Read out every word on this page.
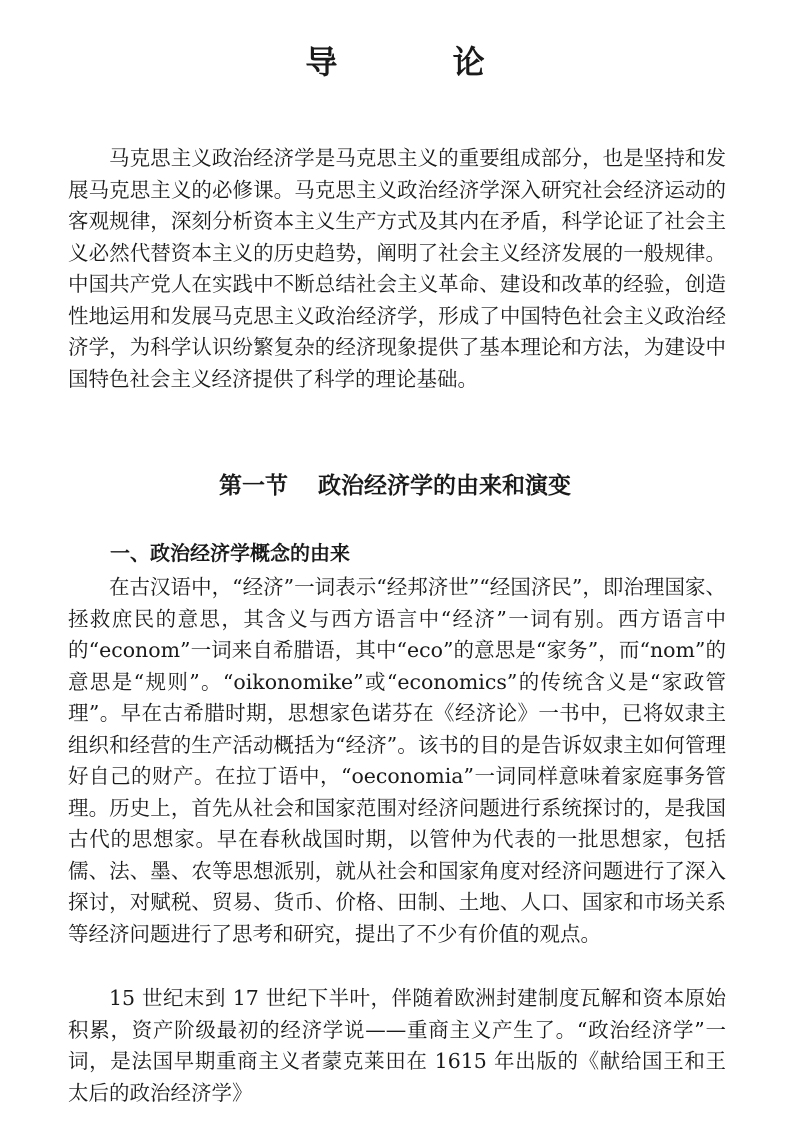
导 论

马克思主义政治经济学是马克思主义的重要组成部分，也是坚持和发展马克思主义的必修课。马克思主义政治经济学深入研究社会经济运动的客观规律，深刻分析资本主义生产方式及其内在矛盾，科学论证了社会主义必然代替资本主义的历史趋势，阐明了社会主义经济发展的一般规律。中国共产党人在实践中不断总结社会主义革命、建设和改革的经验，创造性地运用和发展马克思主义政治经济学，形成了中国特色社会主义政治经济学，为科学认识纷繁复杂的经济现象提供了基本理论和方法，为建设中国特色社会主义经济提供了科学的理论基础。

第一节 政治经济学的由来和演变
一、政治经济学概念的由来

在古汉语中，“经济”一词表示“经邦济世”“经国济民”，即治理国家、拯救庶民的意思，其含义与西方语言中“经济”一词有别。西方语言中的“econom”一词来自希腊语，其中“eco”的意思是“家务”，而“nom”的意思是“规则”。“oikonomike”或“economics”的传统含义是“家政管理”。早在古希腊时期，思想家色诺芬在《经济论》一书中，已将奴隶主组织和经营的生产活动概括为“经济”。该书的目的是告诉奴隶主如何管理好自己的财产。在拉丁语中，“oeconomia”一词同样意味着家庭事务管理。历史上，首先从社会和国家范围对经济问题进行系统探讨的，是我国古代的思想家。早在春秋战国时期，以管仲为代表的一批思想家，包括儒、法、墨、农等思想派别，就从社会和国家角度对经济问题进行了深入探讨，对赋税、贸易、货币、价格、田制、土地、人口、国家和市场关系等经济问题进行了思考和研究，提出了不少有价值的观点。

15 世纪末到 17 世纪下半叶，伴随着欧洲封建制度瓦解和资本原始积累，资产阶级最初的经济学说——重商主义产生了。“政治经济学”一词，是法国早期重商主义者蒙克莱田在 1615 年出版的《献给国王和王太后的政治经济学》
